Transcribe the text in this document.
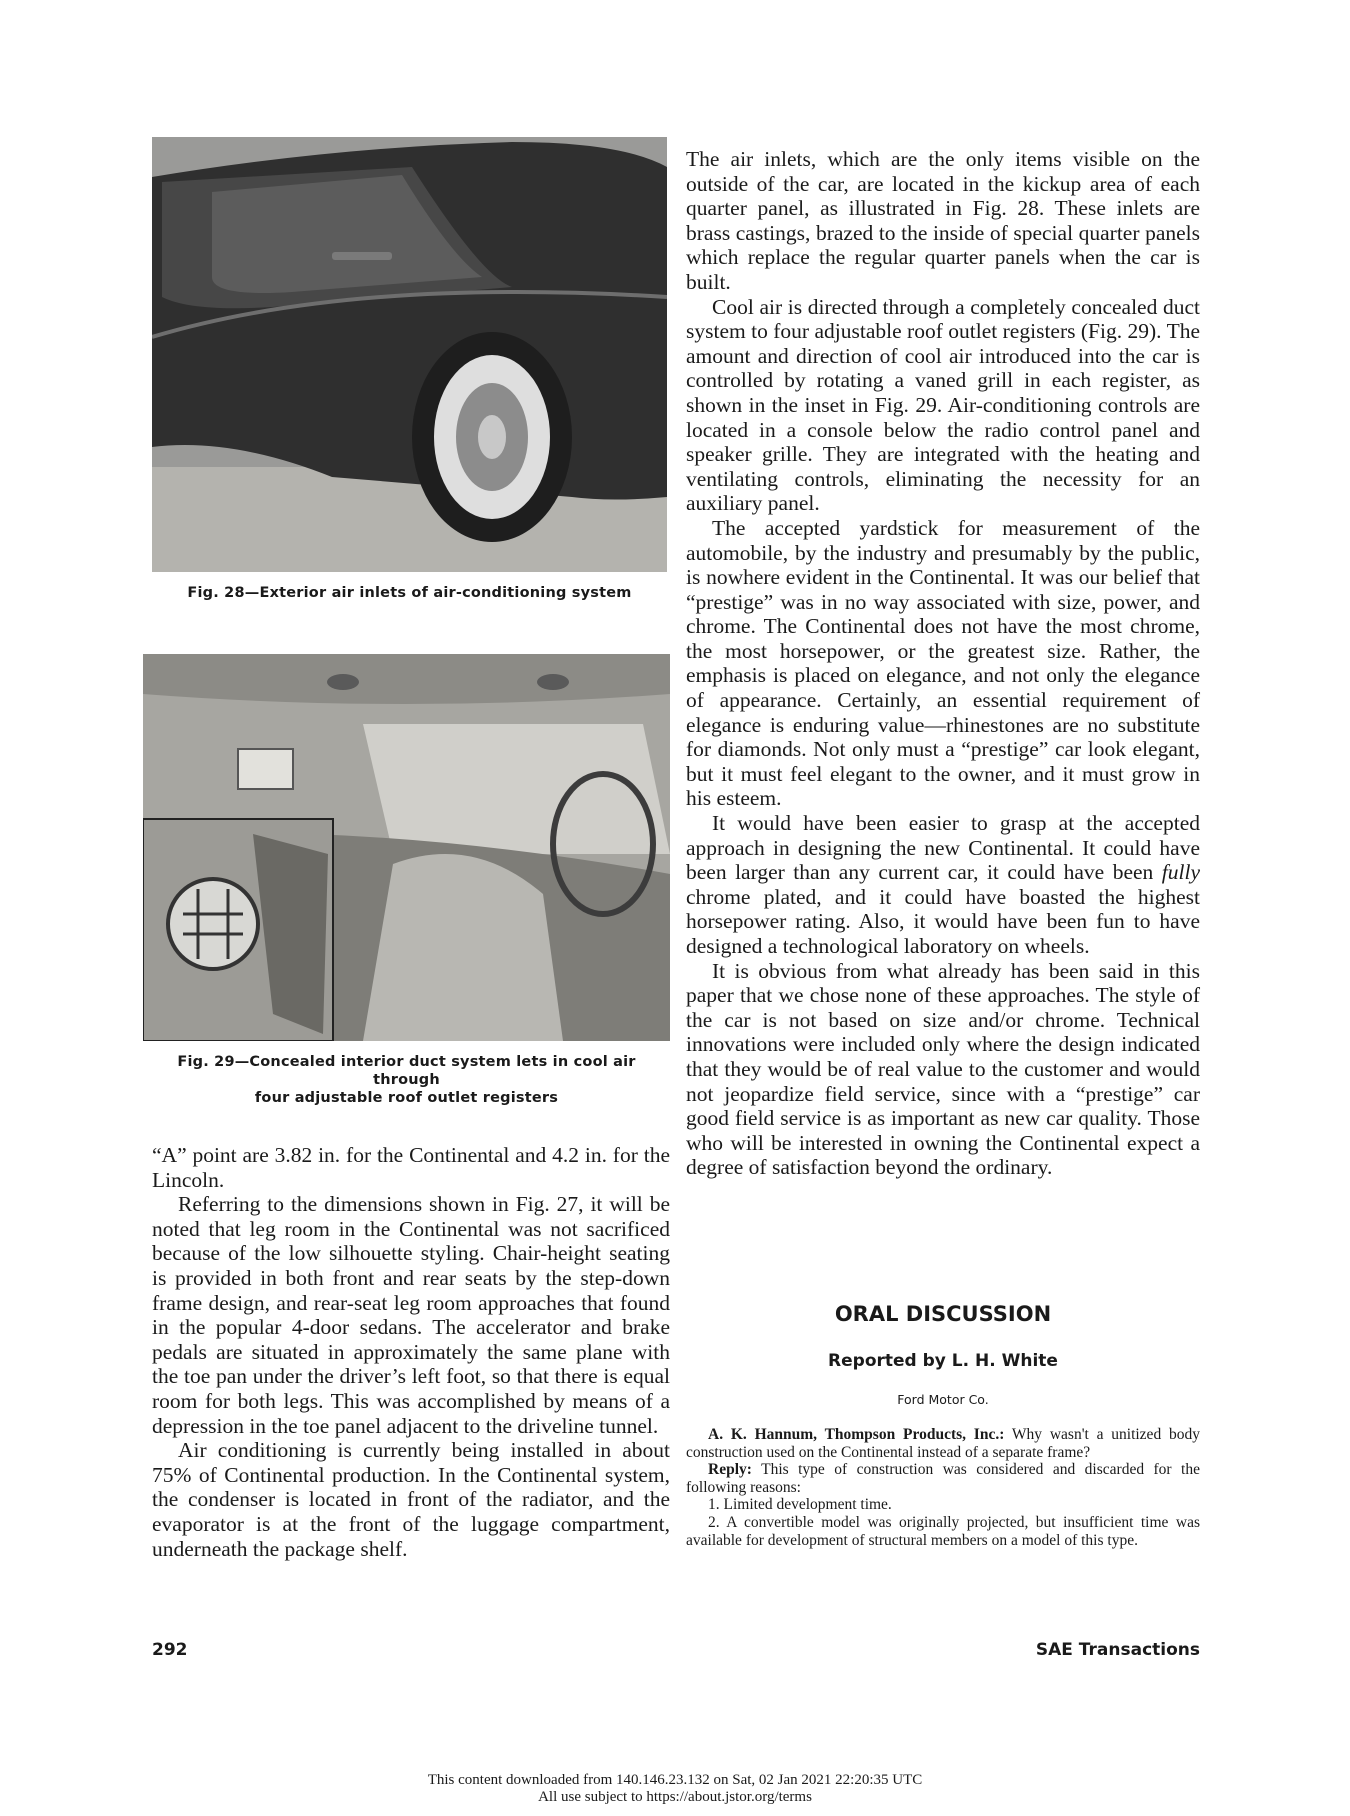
Fig. 28—Exterior air inlets of air-conditioning system
Fig. 29—Concealed interior duct system lets in cool air through
four adjustable roof outlet registers

“A” point are 3.82 in. for the Continental and 4.2 in. for the Lincoln.

Referring to the dimensions shown in Fig. 27, it will be noted that leg room in the Continental was not sacrificed because of the low silhouette styling. Chair-height seating is provided in both front and rear seats by the step-down frame design, and rear-seat leg room approaches that found in the popular 4-door sedans. The accelerator and brake pedals are situated in approximately the same plane with the toe pan under the driver’s left foot, so that there is equal room for both legs. This was accomplished by means of a depression in the toe panel adjacent to the driveline tunnel.

Air conditioning is currently being installed in about 75% of Continental production. In the Continental system, the condenser is located in front of the radiator, and the evaporator is at the front of the luggage compartment, underneath the package shelf.

The air inlets, which are the only items visible on the outside of the car, are located in the kickup area of each quarter panel, as illustrated in Fig. 28. These inlets are brass castings, brazed to the inside of special quarter panels which replace the regular quarter panels when the car is built.

Cool air is directed through a completely concealed duct system to four adjustable roof outlet registers (Fig. 29). The amount and direction of cool air introduced into the car is controlled by rotating a vaned grill in each register, as shown in the inset in Fig. 29. Air-conditioning controls are located in a console below the radio control panel and speaker grille. They are integrated with the heating and ventilating controls, eliminating the necessity for an auxiliary panel.

The accepted yardstick for measurement of the automobile, by the industry and presumably by the public, is nowhere evident in the Continental. It was our belief that “prestige” was in no way associated with size, power, and chrome. The Continental does not have the most chrome, the most horsepower, or the greatest size. Rather, the emphasis is placed on elegance, and not only the elegance of appearance. Certainly, an essential requirement of elegance is enduring value—rhinestones are no substitute for diamonds. Not only must a “prestige” car look elegant, but it must feel elegant to the owner, and it must grow in his esteem.

It would have been easier to grasp at the accepted approach in designing the new Continental. It could have been larger than any current car, it could have been fully chrome plated, and it could have boasted the highest horsepower rating. Also, it would have been fun to have designed a technological laboratory on wheels.

It is obvious from what already has been said in this paper that we chose none of these approaches. The style of the car is not based on size and/or chrome. Technical innovations were included only where the design indicated that they would be of real value to the customer and would not jeopardize field service, since with a “prestige” car good field service is as important as new car quality. Those who will be interested in owning the Continental expect a degree of satisfaction beyond the ordinary.

ORAL DISCUSSION
Reported by L. H. White
Ford Motor Co.

A. K. Hannum, Thompson Products, Inc.: Why wasn't a unitized body construction used on the Continental instead of a separate frame?

Reply: This type of construction was considered and discarded for the following reasons:

1. Limited development time.

2. A convertible model was originally projected, but insufficient time was available for development of structural members on a model of this type.

292	SAE Transactions
This content downloaded from 140.146.23.132 on Sat, 02 Jan 2021 22:20:35 UTC
All use subject to https://about.jstor.org/terms
